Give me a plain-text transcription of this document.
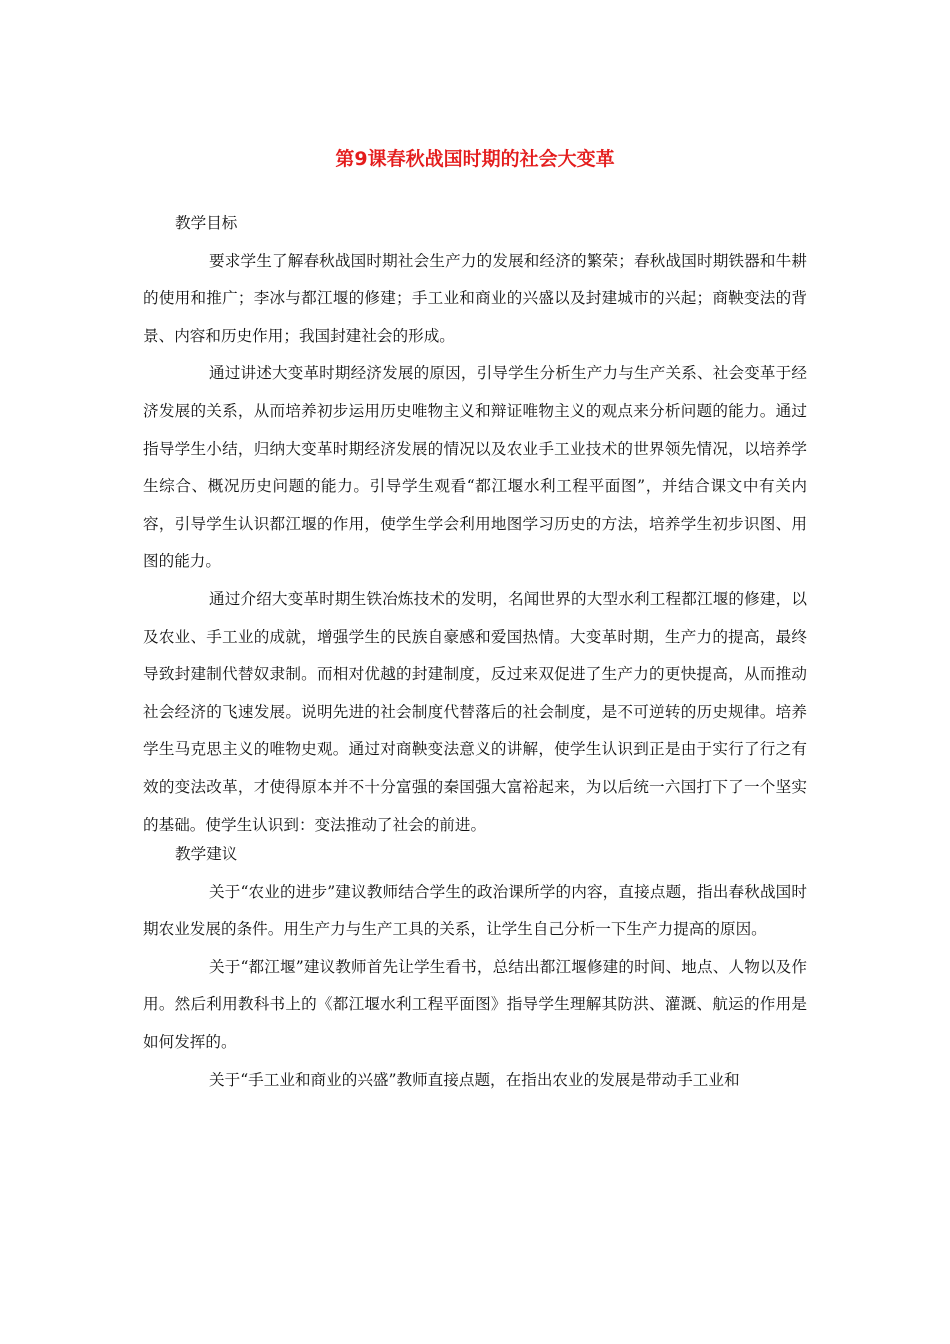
第9课春秋战国时期的社会大变革

教学目标

要求学生了解春秋战国时期社会生产力的发展和经济的繁荣；春秋战国时期铁器和牛耕的使用和推广；李冰与都江堰的修建；手工业和商业的兴盛以及封建城市的兴起；商鞅变法的背景、内容和历史作用；我国封建社会的形成。

通过讲述大变革时期经济发展的原因，引导学生分析生产力与生产关系、社会变革于经济发展的关系，从而培养初步运用历史唯物主义和辩证唯物主义的观点来分析问题的能力。通过指导学生小结，归纳大变革时期经济发展的情况以及农业手工业技术的世界领先情况，以培养学生综合、概况历史问题的能力。引导学生观看“都江堰水利工程平面图”，并结合课文中有关内容，引导学生认识都江堰的作用，使学生学会利用地图学习历史的方法，培养学生初步识图、用图的能力。

通过介绍大变革时期生铁冶炼技术的发明，名闻世界的大型水利工程都江堰的修建，以及农业、手工业的成就，增强学生的民族自豪感和爱国热情。大变革时期，生产力的提高，最终导致封建制代替奴隶制。而相对优越的封建制度，反过来双促进了生产力的更快提高，从而推动社会经济的飞速发展。说明先进的社会制度代替落后的社会制度，是不可逆转的历史规律。培养学生马克思主义的唯物史观。通过对商鞅变法意义的讲解，使学生认识到正是由于实行了行之有效的变法改革，才使得原本并不十分富强的秦国强大富裕起来，为以后统一六国打下了一个坚实的基础。使学生认识到：变法推动了社会的前进。

教学建议

关于“农业的进步”建议教师结合学生的政治课所学的内容，直接点题，指出春秋战国时期农业发展的条件。用生产力与生产工具的关系，让学生自己分析一下生产力提高的原因。

关于“都江堰”建议教师首先让学生看书，总结出都江堰修建的时间、地点、人物以及作用。然后利用教科书上的《都江堰水利工程平面图》指导学生理解其防洪、灌溉、航运的作用是如何发挥的。

关于“手工业和商业的兴盛”教师直接点题，在指出农业的发展是带动手工业和
